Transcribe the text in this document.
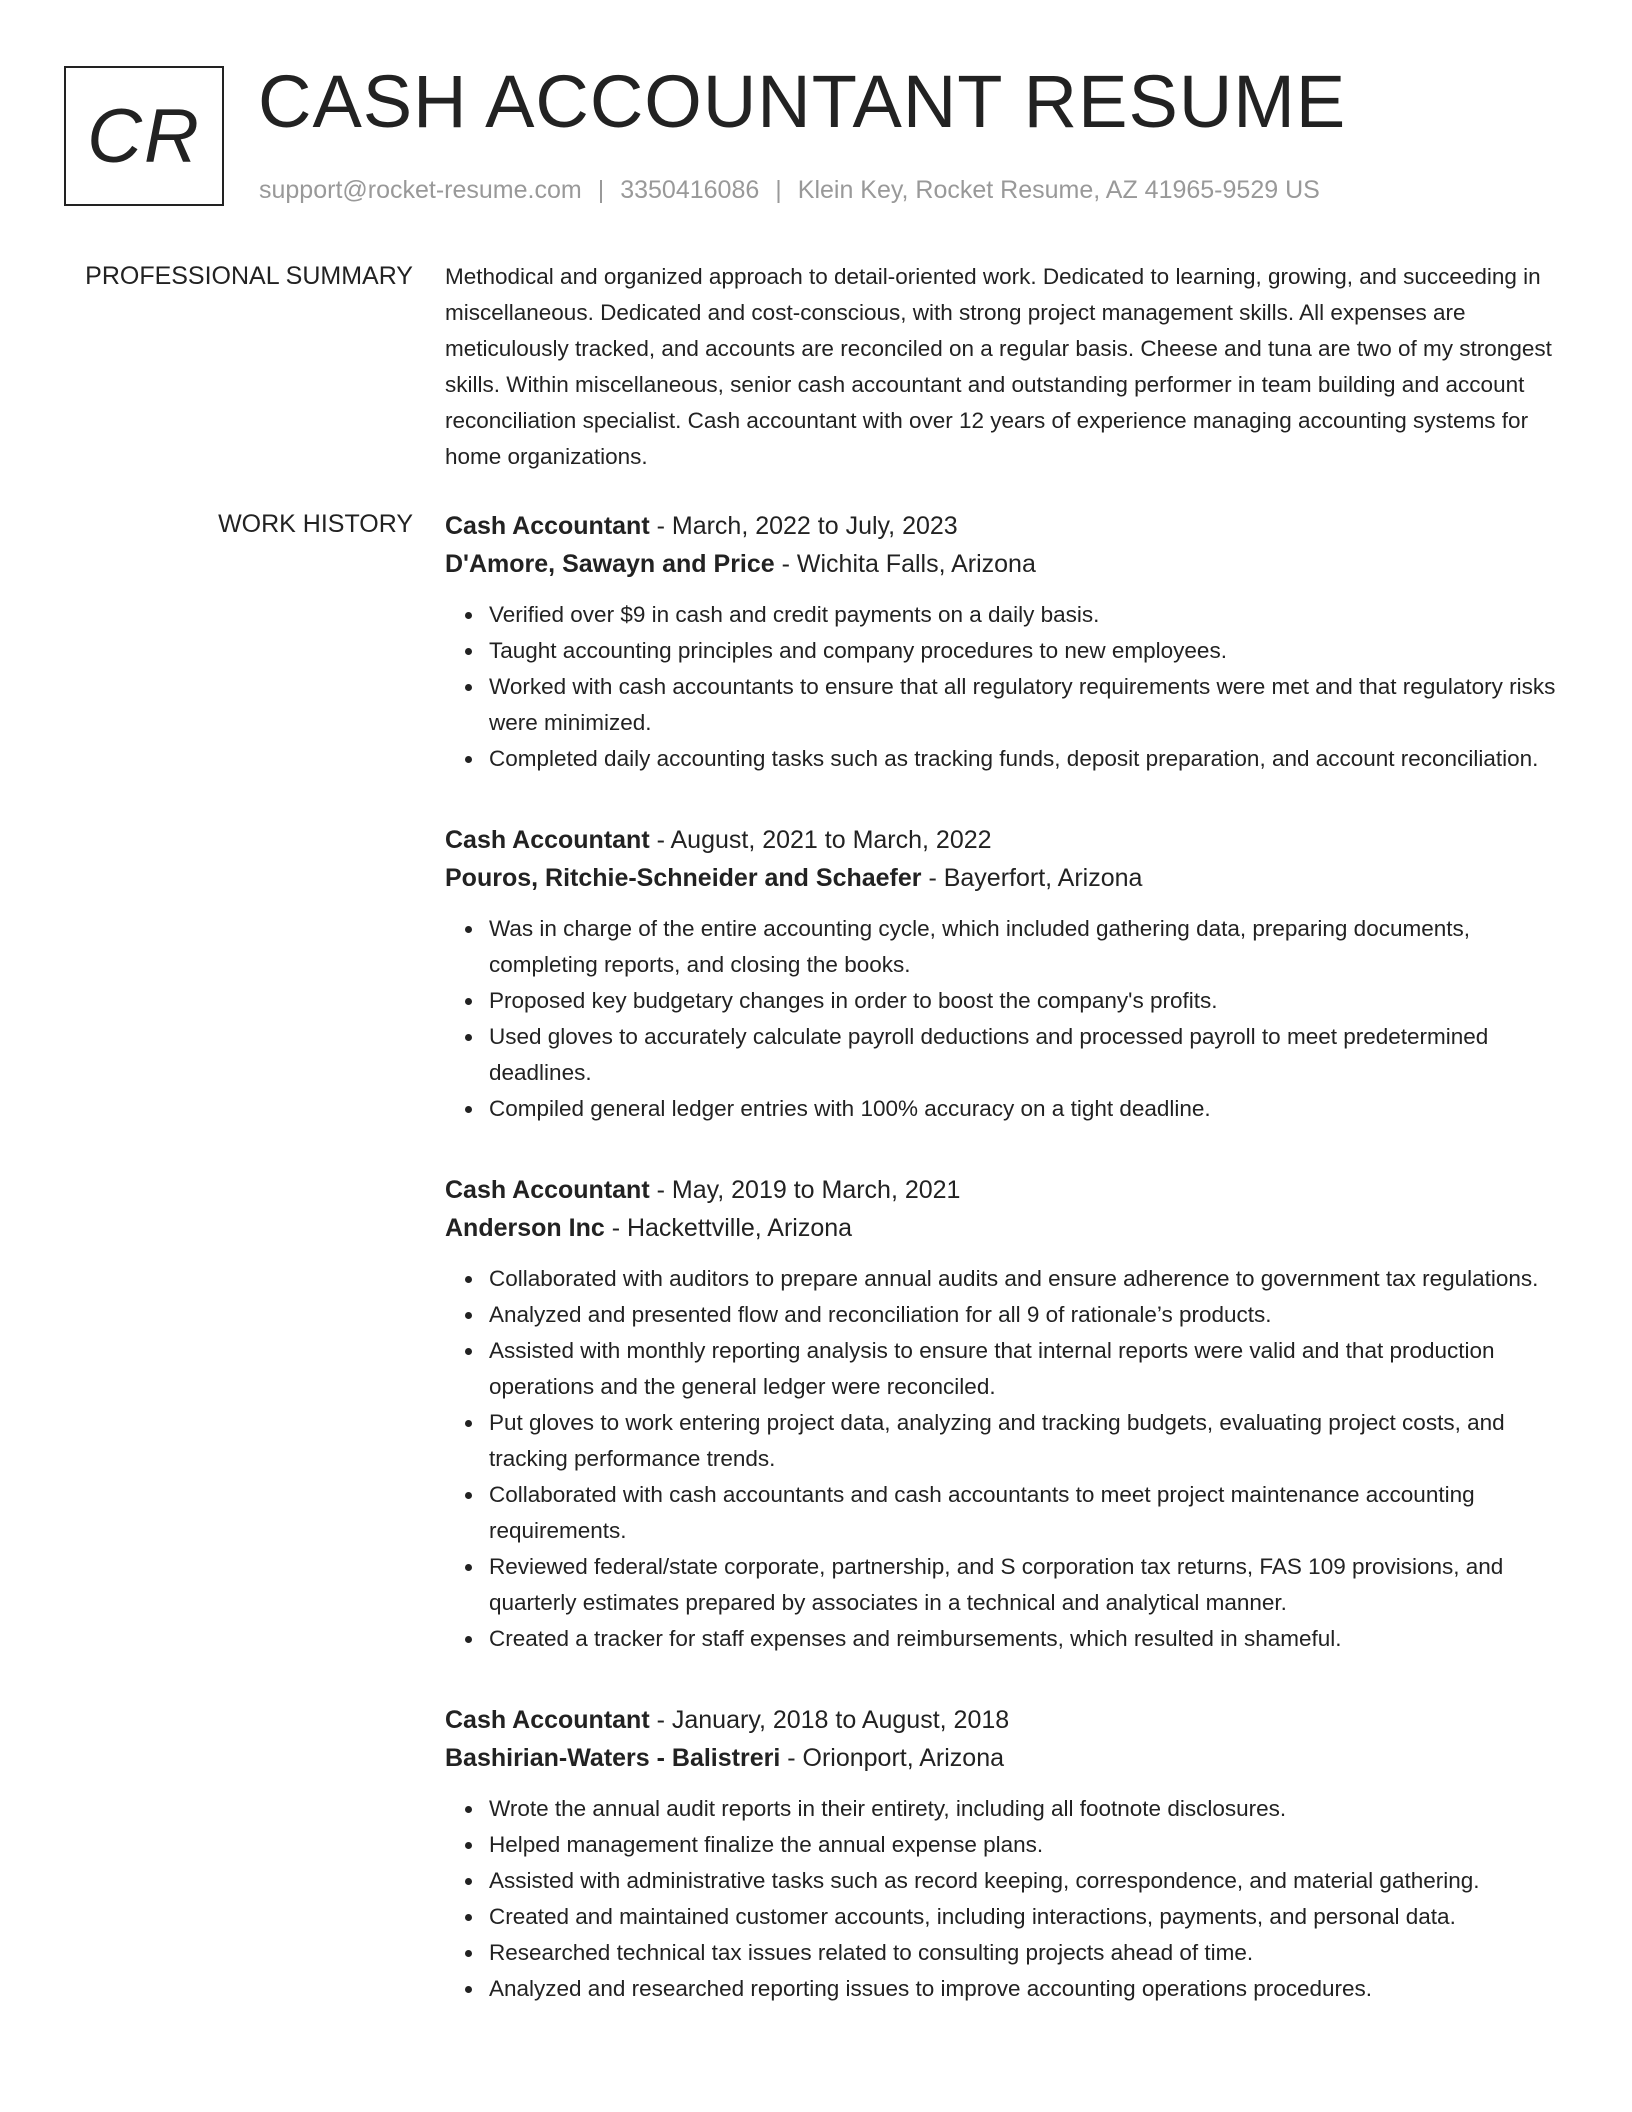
CR CASH ACCOUNTANT RESUME
support@rocket-resume.com | 3350416086 | Klein Key, Rocket Resume, AZ 41965-9529 US
PROFESSIONAL SUMMARY Methodical and organized approach to detail-oriented work. Dedicated to learning, growing, and succeeding in miscellaneous. Dedicated and cost-conscious, with strong project management skills. All expenses are meticulously tracked, and accounts are reconciled on a regular basis. Cheese and tuna are two of my strongest skills. Within miscellaneous, senior cash accountant and outstanding performer in team building and account reconciliation specialist. Cash accountant with over 12 years of experience managing accounting systems for home organizations.

WORK HISTORY Cash Accountant - March, 2022 to July, 2023

D'Amore, Sawayn and Price - Wichita Falls, Arizona

Verified over $9 in cash and credit payments on a daily basis.
Taught accounting principles and company procedures to new employees.
Worked with cash accountants to ensure that all regulatory requirements were met and that regulatory risks were minimized.
Completed daily accounting tasks such as tracking funds, deposit preparation, and account reconciliation.

Cash Accountant - August, 2021 to March, 2022

Pouros, Ritchie-Schneider and Schaefer - Bayerfort, Arizona

Was in charge of the entire accounting cycle, which included gathering data, preparing documents, completing reports, and closing the books.
Proposed key budgetary changes in order to boost the company's profits.
Used gloves to accurately calculate payroll deductions and processed payroll to meet predetermined deadlines.
Compiled general ledger entries with 100% accuracy on a tight deadline.

Cash Accountant - May, 2019 to March, 2021

Anderson Inc - Hackettville, Arizona

Collaborated with auditors to prepare annual audits and ensure adherence to government tax regulations.
Analyzed and presented flow and reconciliation for all 9 of rationale’s products.
Assisted with monthly reporting analysis to ensure that internal reports were valid and that production operations and the general ledger were reconciled.
Put gloves to work entering project data, analyzing and tracking budgets, evaluating project costs, and tracking performance trends.
Collaborated with cash accountants and cash accountants to meet project maintenance accounting requirements.
Reviewed federal/state corporate, partnership, and S corporation tax returns, FAS 109 provisions, and quarterly estimates prepared by associates in a technical and analytical manner.
Created a tracker for staff expenses and reimbursements, which resulted in shameful.

Cash Accountant - January, 2018 to August, 2018

Bashirian-Waters - Balistreri - Orionport, Arizona

Wrote the annual audit reports in their entirety, including all footnote disclosures.
Helped management finalize the annual expense plans.
Assisted with administrative tasks such as record keeping, correspondence, and material gathering.
Created and maintained customer accounts, including interactions, payments, and personal data.
Researched technical tax issues related to consulting projects ahead of time.
Analyzed and researched reporting issues to improve accounting operations procedures.
